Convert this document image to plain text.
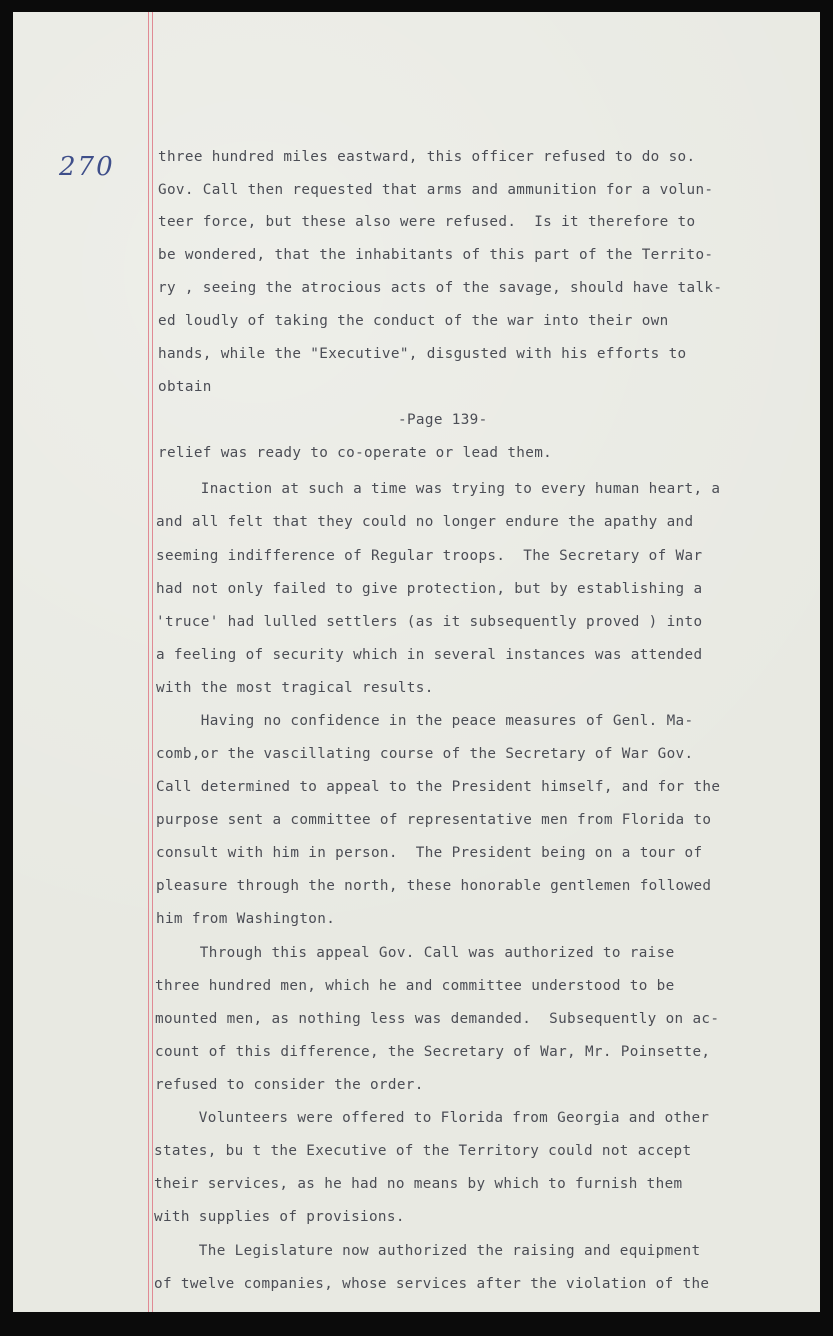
270	three hundred miles eastward, this officer refused to do so.
Gov. Call then requested that arms and ammunition for a volun-
teer force, but these also were refused.  Is it therefore to
be wondered, that the inhabitants of this part of the Territo-
ry , seeing the atrocious acts of the savage, should have talk-
ed loudly of taking the conduct of the war into their own
hands, while the "Executive", disgusted with his efforts to
obtain
-Page 139-
relief was ready to co-operate or lead them.
Inaction at such a time was trying to every human heart, a
and all felt that they could no longer endure the apathy and
seeming indifference of Regular troops.  The Secretary of War
had not only failed to give protection, but by establishing a
'truce' had lulled settlers (as it subsequently proved ) into
a feeling of security which in several instances was attended
with the most tragical results.
Having no confidence in the peace measures of Genl. Ma-
comb,or the vascillating course of the Secretary of War Gov.
Call determined to appeal to the President himself, and for the
purpose sent a committee of representative men from Florida to
consult with him in person.  The President being on a tour of
pleasure through the north, these honorable gentlemen followed
him from Washington.
Through this appeal Gov. Call was authorized to raise
three hundred men, which he and committee understood to be
mounted men, as nothing less was demanded.  Subsequently on ac-
count of this difference, the Secretary of War, Mr. Poinsette,
refused to consider the order.
Volunteers were offered to Florida from Georgia and other
states, bu t the Executive of the Territory could not accept
their services, as he had no means by which to furnish them
with supplies of provisions.
The Legislature now authorized the raising and equipment
of twelve companies, whose services after the violation of the
